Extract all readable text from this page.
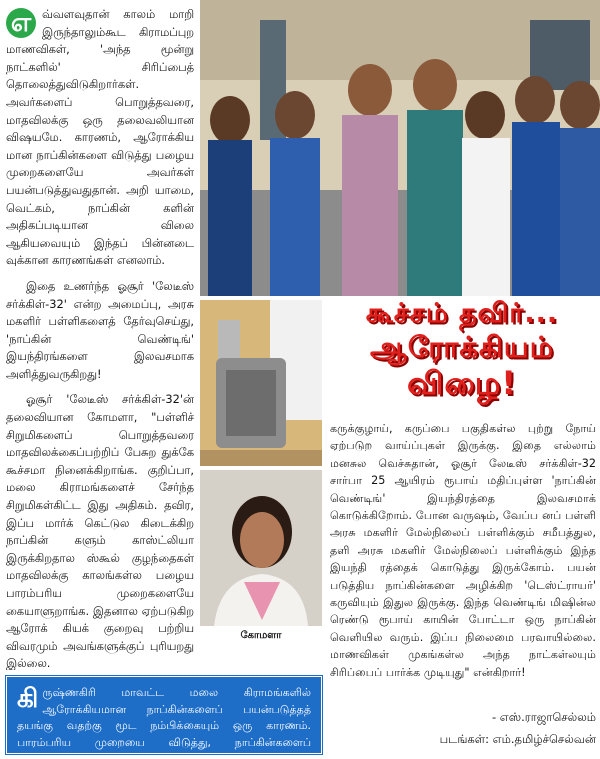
எ வ்வளவுதான் காலம் மாறி இருந்தாலும்கூட கிராமப்புற மாணவிகள், 'அந்த மூன்று நாட்களில்' சிரிப்பைத் தொலைத்துவிடுகிறார்கள். அவர்களைப் பொறுத்தவரை, மாதவிலக்கு ஒரு தலைவலியான விஷயமே. காரணம், ஆரோக்கிய மான நாப்கின்களை விடுத்து பழைய முறைகளையே அவர்கள் பயன்படுத்துவதுதான். அறி யாமை, வெட்கம், நாப்கின் களின் அதிகப்படியான விலை ஆகியவையும் இந்தப் பின்னடை வுக்கான காரணங்கள் எனலாம்.

இதை உணர்ந்த ஓசூர் 'லேடீஸ் சர்க்கிள்-32' என்ற அமைப்பு, அரசு மகளிர் பள்ளிகளைத் தேர்வுசெய்து, 'நாப்கின் வெண்டிங்' இயந்திரங்களை இலவசமாக அளித்துவருகிறது!

ஓசூர் 'லேடீஸ் சர்க்கிள்-32'ன் தலைவியான கோமளா, "பள்ளிச் சிறுமிகளைப் பொறுத்தவரை மாதவிலக்கைப்பற்றிப் பேசுற துக்கே கூச்சமா நினைக்கிறாங்க. குறிப்பா, மலை கிராமங்களைச் சேர்ந்த சிறுமிகள்கிட்ட இது அதிகம். தவிர, இப்ப மார்க் கெட்டுல கிடைக்கிற நாப்கின் களும் காஸ்ட்லியா இருக்கிறதால ஸ்கூல் குழந்தைகள் மாதவிலக்கு காலங்கள்ல பழைய பாரம்பரிய முறைகளையே கையாளுறாங்க. இதனால ஏற்படுகிற ஆரோக் கியக் குறைவு பற்றிய விவரமும் அவங்களுக்குப் புரியறது இல்லை.

கோமளா
கூச்சம் தவிர்...
ஆரோக்கியம்
விழை!

கருக்குழாய், கருப்பை பகுதிகள்ல புற்று நோய் ஏற்படுற வாய்ப்புகள் இருக்கு. இதை எல்லாம் மனசுல வெச்சுதான், ஓசூர் லேடீஸ் சர்க்கிள்-32 சார்பா 25 ஆயிரம் ரூபாய் மதிப்புள்ள 'நாப்கின் வெண்டிங்' இயந்திரத்தை இலவசமாக் கொடுக்கிறோம். போன வருஷம், வேப்ப னப் பள்ளி அரசு மகளிர் மேல்நிலைப் பள்ளிக்கும் சமீபத்துல, தளி அரசு மகளிர் மேல்நிலைப் பள்ளிக்கும் இந்த இயந்தி ரத்தைக் கொடுத்து இருக்கோம். பயன் படுத்திய நாப்கின்களை அழிக்கிற 'டெஸ்ட்ராயர்' கருவியும் இதுல இருக்கு. இந்த வெண்டிங் மிஷின்ல ரெண்டு ரூபாய் காயின் போட்டா ஒரு நாப்கின் வெளியில வரும். இப்ப நிலைமை பரவாயில்லை. மாணவிகள் முகங்கள்ல அந்த நாட்கள்லயும் சிரிப்பைப் பார்க்க முடியுது" என்கிறார்!

- எஸ்.ராஜாசெல்லம்
படங்கள்: எம்.தமிழ்ச்செல்வன்
கிருஷ்ணகிரி மாவட்ட மலை கிராமங்களில் ஆரோக்கியமான நாப்கின்களைப் பயன்படுத்தத் தயங்கு வதற்கு மூட நம்பிக்கையும் ஒரு காரணம். பாரம்பரிய முறையை விடுத்து, நாப்கின்களைப்
